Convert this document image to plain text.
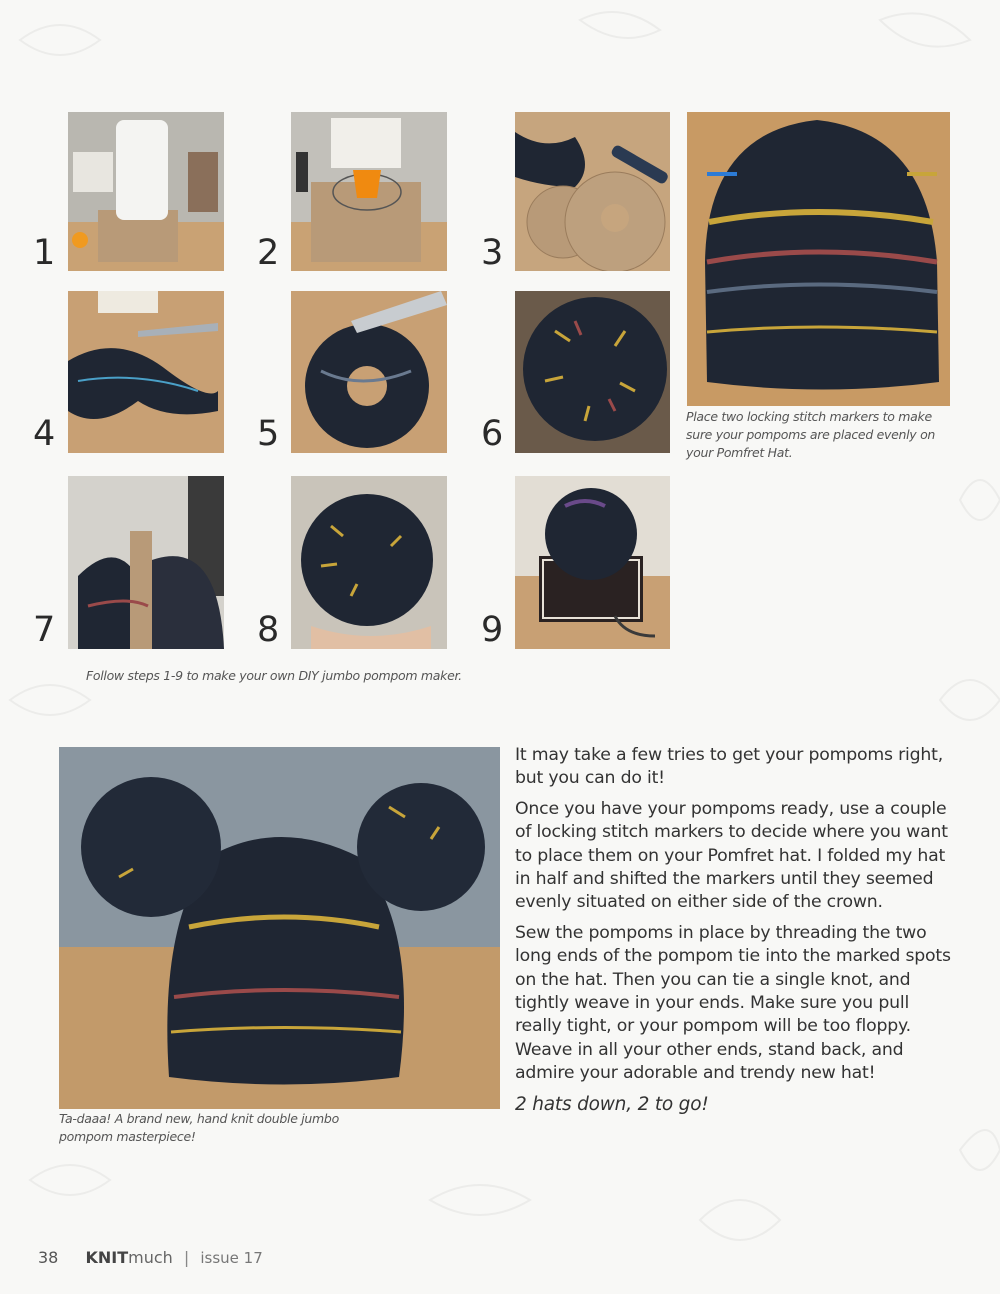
1	2	3
Place two locking stitch markers to make sure your pompoms are placed evenly on your Pomfret Hat.
4	5	6
7	8	9
Follow steps 1-9 to make your own DIY jumbo pompom maker.
Ta-daaa! A brand new, hand knit double jumbo pompom masterpiece!

It may take a few tries to get your pompoms right, but you can do it!

Once you have your pompoms ready, use a couple of locking stitch markers to decide where you want to place them on your Pomfret hat. I folded my hat in half and shifted the markers until they seemed evenly situated on either side of the crown.

Sew the pompoms in place by threading the two long ends of the pompom tie into the marked spots on the hat. Then you can tie a single knot, and tightly weave in your ends. Make sure you pull really tight, or your pompom will be too floppy. Weave in all your other ends, stand back, and admire your adorable and trendy new hat!

2 hats down, 2 to go!

38 KNITmuch | issue 17
